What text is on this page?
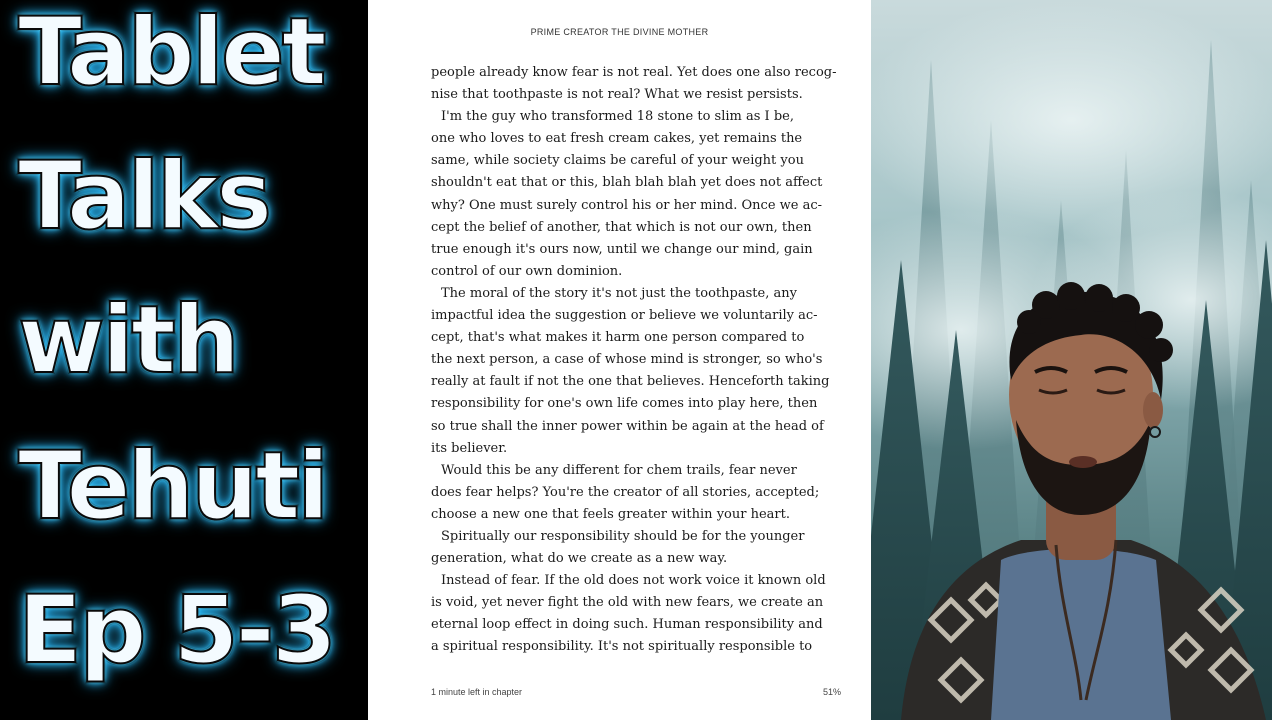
Tablet
Talks
with
Tehuti
Ep 5-3
PRIME CREATOR THE DIVINE MOTHER
people already know fear is not real. Yet does one also recog-
nise that toothpaste is not real? What we resist persists.
I'm the guy who transformed 18 stone to slim as I be,
one who loves to eat fresh cream cakes, yet remains the
same, while society claims be careful of your weight you
shouldn't eat that or this, blah blah blah yet does not affect
why? One must surely control his or her mind. Once we ac-
cept the belief of another, that which is not our own, then
true enough it's ours now, until we change our mind, gain
control of our own dominion.
The moral of the story it's not just the toothpaste, any
impactful idea the suggestion or believe we voluntarily ac-
cept, that's what makes it harm one person compared to
the next person, a case of whose mind is stronger, so who's
really at fault if not the one that believes. Henceforth taking
responsibility for one's own life comes into play here, then
so true shall the inner power within be again at the head of
its believer.
Would this be any different for chem trails, fear never
does fear helps? You're the creator of all stories, accepted;
choose a new one that feels greater within your heart.
Spiritually our responsibility should be for the younger
generation, what do we create as a new way.
Instead of fear. If the old does not work voice it known old
is void, yet never fight the old with new fears, we create an
eternal loop effect in doing such. Human responsibility and
a spiritual responsibility. It's not spiritually responsible to
1 minute left in chapter	51%
